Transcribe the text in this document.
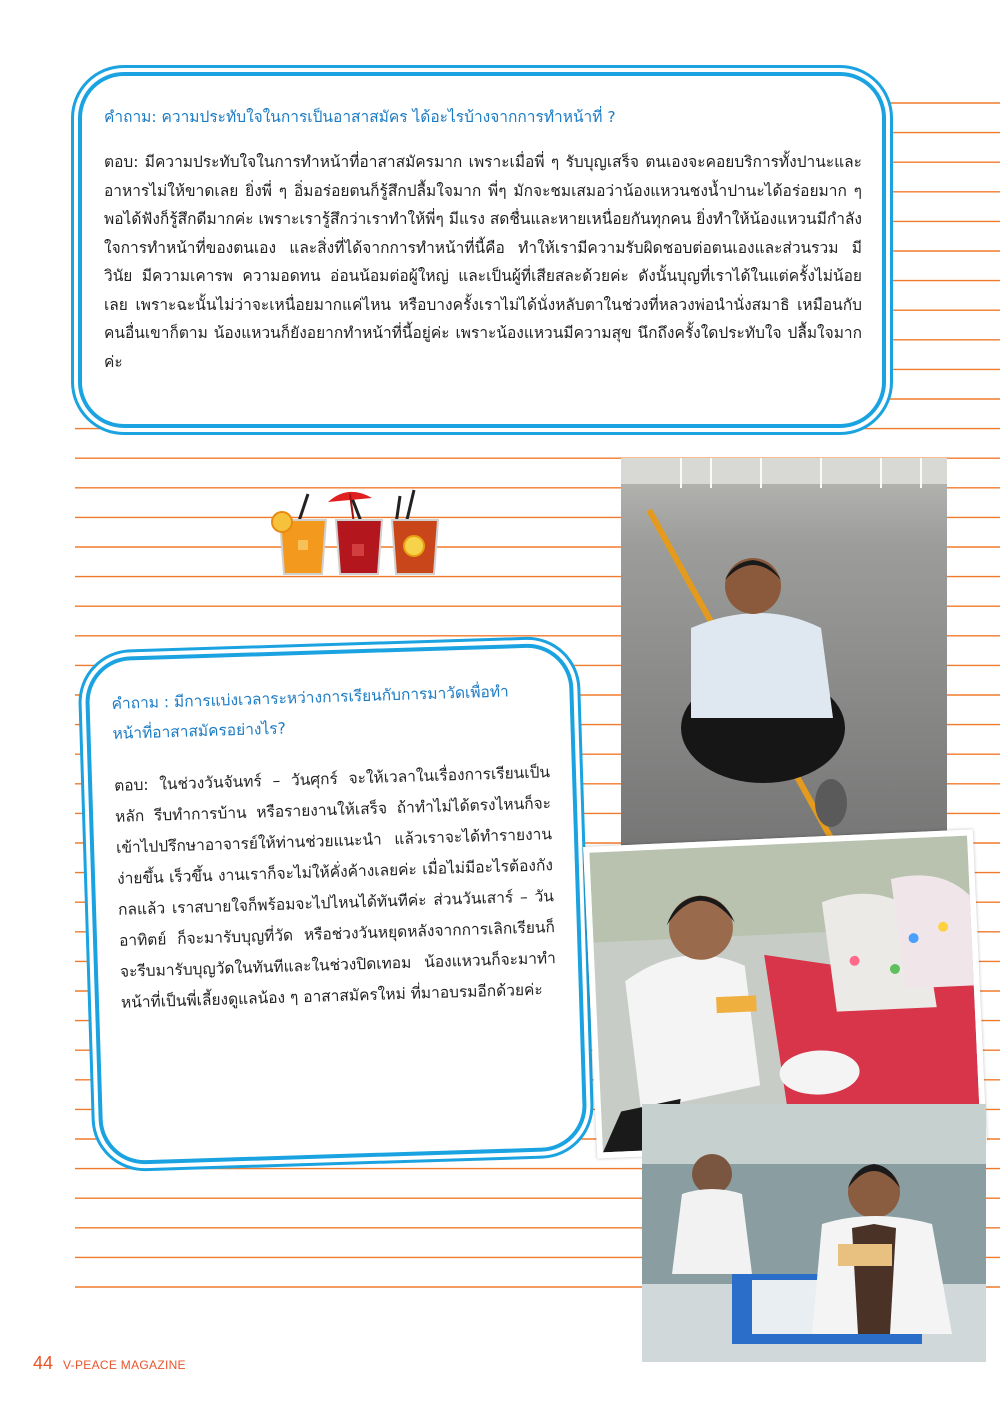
คำถาม: ความประทับใจในการเป็นอาสาสมัคร ได้อะไรบ้างจากการทำหน้าที่ ?

ตอบ: มีความประทับใจในการทำหน้าที่อาสาสมัครมาก เพราะเมื่อพี่ ๆ รับบุญเสร็จ ตนเองจะคอยบริการทั้งปานะและอาหารไม่ให้ขาดเลย ยิ่งพี่ ๆ อิ่มอร่อยตนก็รู้สึกปลื้มใจมาก พี่ๆ มักจะชมเสมอว่าน้องแหวนชงน้ำปานะได้อร่อยมาก ๆ พอได้ฟังก็รู้สึกดีมากค่ะ เพราะเรารู้สึกว่าเราทำให้พี่ๆ มีแรง สดชื่นและหายเหนื่อยกันทุกคน ยิ่งทำให้น้องแหวนมีกำลังใจการทำหน้าที่ของตนเอง และสิ่งที่ได้จากการทำหน้าที่นี้คือ ทำให้เรามีความรับผิดชอบต่อตนเองและส่วนรวม มีวินัย มีความเคารพ ความอดทน อ่อนน้อมต่อผู้ใหญ่ และเป็นผู้ที่เสียสละด้วยค่ะ ดังนั้นบุญที่เราได้ในแต่ครั้งไม่น้อยเลย เพราะฉะนั้นไม่ว่าจะเหนื่อยมากแค่ไหน หรือบางครั้งเราไม่ได้นั่งหลับตาในช่วงที่หลวงพ่อนำนั่งสมาธิ เหมือนกับคนอื่นเขาก็ตาม น้องแหวนก็ยังอยากทำหน้าที่นี้อยู่ค่ะ เพราะน้องแหวนมีความสุข นึกถึงครั้งใดประทับใจ ปลื้มใจมากค่ะ

คำถาม : มีการแบ่งเวลาระหว่างการเรียนกับการมาวัดเพื่อทำหน้าที่อาสาสมัครอย่างไร?

ตอบ: ในช่วงวันจันทร์ – วันศุกร์ จะให้เวลาในเรื่องการเรียนเป็นหลัก รีบทำการบ้าน หรือรายงานให้เสร็จ ถ้าทำไม่ได้ตรงไหนก็จะเข้าไปปรึกษาอาจารย์ให้ท่านช่วยแนะนำ แล้วเราจะได้ทำรายงานง่ายขึ้น เร็วขึ้น งานเราก็จะไม่ให้คั่งค้างเลยค่ะ เมื่อไม่มีอะไรต้องกังกลแล้ว เราสบายใจก็พร้อมจะไปไหนได้ทันทีค่ะ ส่วนวันเสาร์ – วันอาทิตย์ ก็จะมารับบุญที่วัด หรือช่วงวันหยุดหลังจากการเลิกเรียนก็จะรีบมารับบุญวัดในทันทีและในช่วงปิดเทอม น้องแหวนก็จะมาทำหน้าที่เป็นพี่เลี้ยงดูแลน้อง ๆ อาสาสมัครใหม่ ที่มาอบรมอีกด้วยค่ะ

44 V-PEACE MAGAZINE
